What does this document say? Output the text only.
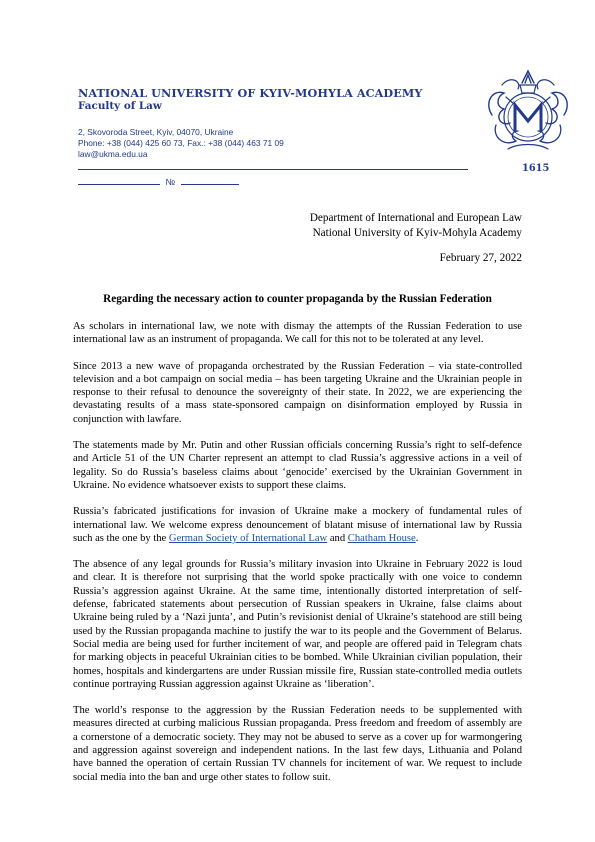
NATIONAL UNIVERSITY OF KYIV-MOHYLA ACADEMY
Faculty of Law
2, Skovoroda Street, Kyiv, 04070, Ukraine
Phone: +38 (044) 425 60 73, Fax.: +38 (044) 463 71 09
law@ukma.edu.ua
№
1615
Department of International and European Law
National University of Kyiv-Mohyla Academy
February 27, 2022
Regarding the necessary action to counter propaganda by the Russian Federation

As scholars in international law, we note with dismay the attempts of the Russian Federation to use international law as an instrument of propaganda. We call for this not to be tolerated at any level.

Since 2013 a new wave of propaganda orchestrated by the Russian Federation – via state-controlled television and a bot campaign on social media – has been targeting Ukraine and the Ukrainian people in response to their refusal to denounce the sovereignty of their state. In 2022, we are experiencing the devastating results of a mass state-sponsored campaign on disinformation employed by Russia in conjunction with lawfare.

The statements made by Mr. Putin and other Russian officials concerning Russia’s right to self-defence and Article 51 of the UN Charter represent an attempt to clad Russia’s aggressive actions in a veil of legality. So do Russia’s baseless claims about ‘genocide’ exercised by the Ukrainian Government in Ukraine. No evidence whatsoever exists to support these claims.

Russia’s fabricated justifications for invasion of Ukraine make a mockery of fundamental rules of international law. We welcome express denouncement of blatant misuse of international law by Russia such as the one by the German Society of International Law and Chatham House.

The absence of any legal grounds for Russia’s military invasion into Ukraine in February 2022 is loud and clear. It is therefore not surprising that the world spoke practically with one voice to condemn Russia’s aggression against Ukraine. At the same time, intentionally distorted interpretation of self-defense, fabricated statements about persecution of Russian speakers in Ukraine, false claims about Ukraine being ruled by a ‘Nazi junta’, and Putin’s revisionist denial of Ukraine’s statehood are still being used by the Russian propaganda machine to justify the war to its people and the Government of Belarus. Social media are being used for further incitement of war, and people are offered paid in Telegram chats for marking objects in peaceful Ukrainian cities to be bombed. While Ukrainian civilian population, their homes, hospitals and kindergartens are under Russian missile fire, Russian state-controlled media outlets continue portraying Russian aggression against Ukraine as ‘liberation’.

The world’s response to the aggression by the Russian Federation needs to be supplemented with measures directed at curbing malicious Russian propaganda. Press freedom and freedom of assembly are a cornerstone of a democratic society. They may not be abused to serve as a cover up for warmongering and aggression against sovereign and independent nations. In the last few days, Lithuania and Poland have banned the operation of certain Russian TV channels for incitement of war. We request to include social media into the ban and urge other states to follow suit.
